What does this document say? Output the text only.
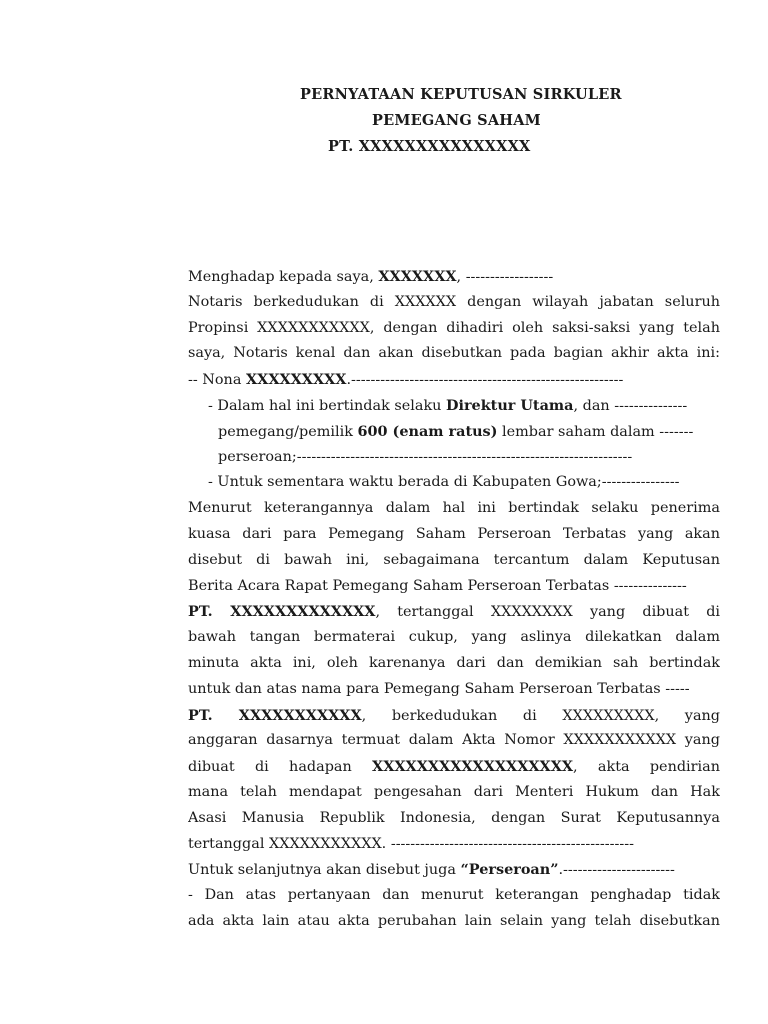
PERNYATAAN KEPUTUSAN SIRKULER
PEMEGANG SAHAM
PT. XXXXXXXXXXXXXXX
Menghadap kepada saya, XXXXXXX, ------------------
Notaris berkedudukan di XXXXXX dengan wilayah jabatan seluruh
Propinsi XXXXXXXXXXX, dengan dihadiri oleh saksi-saksi yang telah
saya, Notaris kenal dan akan disebutkan pada bagian akhir akta ini:
-- Nona XXXXXXXXX.--------------------------------------------------------
- Dalam hal ini bertindak selaku Direktur Utama, dan ---------------
pemegang/pemilik 600 (enam ratus) lembar saham dalam -------
perseroan;---------------------------------------------------------------------
- Untuk sementara waktu berada di Kabupaten Gowa;----------------
Menurut keterangannya dalam hal ini bertindak selaku penerima
kuasa dari para Pemegang Saham Perseroan Terbatas yang akan
disebut di bawah ini, sebagaimana tercantum dalam Keputusan
Berita Acara Rapat Pemegang Saham Perseroan Terbatas ---------------
PT. XXXXXXXXXXXXX, tertanggal XXXXXXXX yang dibuat di
bawah tangan bermaterai cukup, yang aslinya dilekatkan dalam
minuta akta ini, oleh karenanya dari dan demikian sah bertindak
untuk dan atas nama para Pemegang Saham Perseroan Terbatas -----
PT. XXXXXXXXXXX, berkedudukan di XXXXXXXXX, yang
anggaran dasarnya termuat dalam Akta Nomor XXXXXXXXXXX yang
dibuat di hadapan XXXXXXXXXXXXXXXXXX, akta pendirian
mana telah mendapat pengesahan dari Menteri Hukum dan Hak
Asasi Manusia Republik Indonesia, dengan Surat Keputusannya
tertanggal XXXXXXXXXXX. --------------------------------------------------
Untuk selanjutnya akan disebut juga “Perseroan”.-----------------------
- Dan atas pertanyaan dan menurut keterangan penghadap tidak
ada akta lain atau akta perubahan lain selain yang telah disebutkan
